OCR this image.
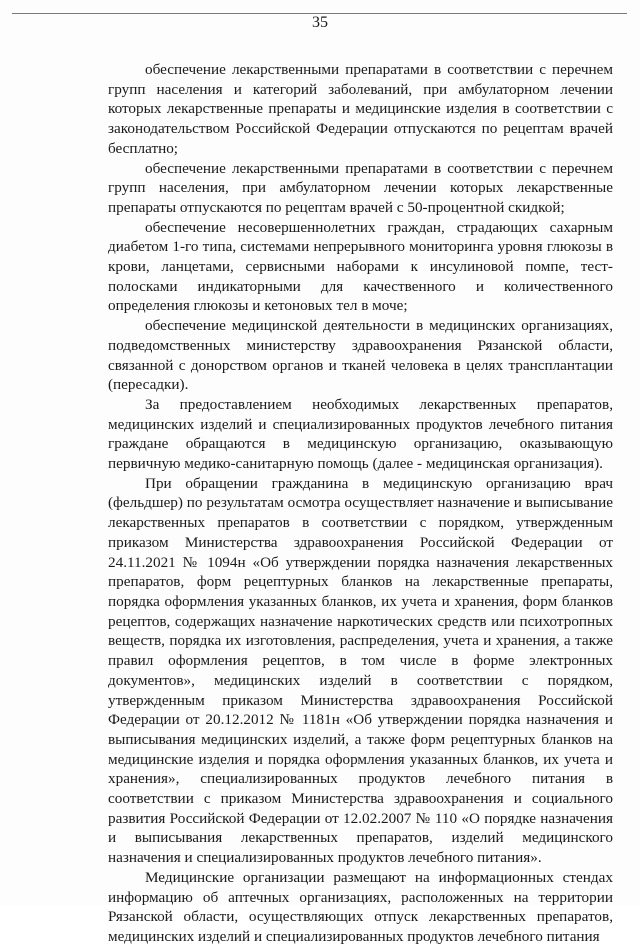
35

обеспечение лекарственными препаратами в соответствии с перечнем групп населения и категорий заболеваний, при амбулаторном лечении которых лекарственные препараты и медицинские изделия в соответствии с законодательством Российской Федерации отпускаются по рецептам врачей бесплатно;

обеспечение лекарственными препаратами в соответствии с перечнем групп населения, при амбулаторном лечении которых лекарственные препараты отпускаются по рецептам врачей с 50-процентной скидкой;

обеспечение несовершеннолетних граждан, страдающих сахарным диабетом 1-го типа, системами непрерывного мониторинга уровня глюкозы в крови, ланцетами, сервисными наборами к инсулиновой помпе, тест-полосками индикаторными для качественного и количественного определения глюкозы и кетоновых тел в моче;

обеспечение медицинской деятельности в медицинских организациях, подведомственных министерству здравоохранения Рязанской области, связанной с донорством органов и тканей человека в целях трансплантации (пересадки).

За предоставлением необходимых лекарственных препаратов, медицинских изделий и специализированных продуктов лечебного питания граждане обращаются в медицинскую организацию, оказывающую первичную медико-санитарную помощь (далее - медицинская организация).

При обращении гражданина в медицинскую организацию врач (фельдшер) по результатам осмотра осуществляет назначение и выписывание лекарственных препаратов в соответствии с порядком, утвержденным приказом Министерства здравоохранения Российской Федерации от 24.11.2021 № 1094н «Об утверждении порядка назначения лекарственных препаратов, форм рецептурных бланков на лекарственные препараты, порядка оформления указанных бланков, их учета и хранения, форм бланков рецептов, содержащих назначение наркотических средств или психотропных веществ, порядка их изготовления, распределения, учета и хранения, а также правил оформления рецептов, в том числе в форме электронных документов», медицинских изделий в соответствии с порядком, утвержденным приказом Министерства здравоохранения Российской Федерации от 20.12.2012 № 1181н «Об утверждении порядка назначения и выписывания медицинских изделий, а также форм рецептурных бланков на медицинские изделия и порядка оформления указанных бланков, их учета и хранения», специализированных продуктов лечебного питания в соответствии с приказом Министерства здравоохранения и социального развития Российской Федерации от 12.02.2007 № 110 «О порядке назначения и выписывания лекарственных препаратов, изделий медицинского назначения и специализированных продуктов лечебного питания».

Медицинские организации размещают на информационных стендах информацию об аптечных организациях, расположенных на территории Рязанской области, осуществляющих отпуск лекарственных препаратов, медицинских изделий и специализированных продуктов лечебного питания
